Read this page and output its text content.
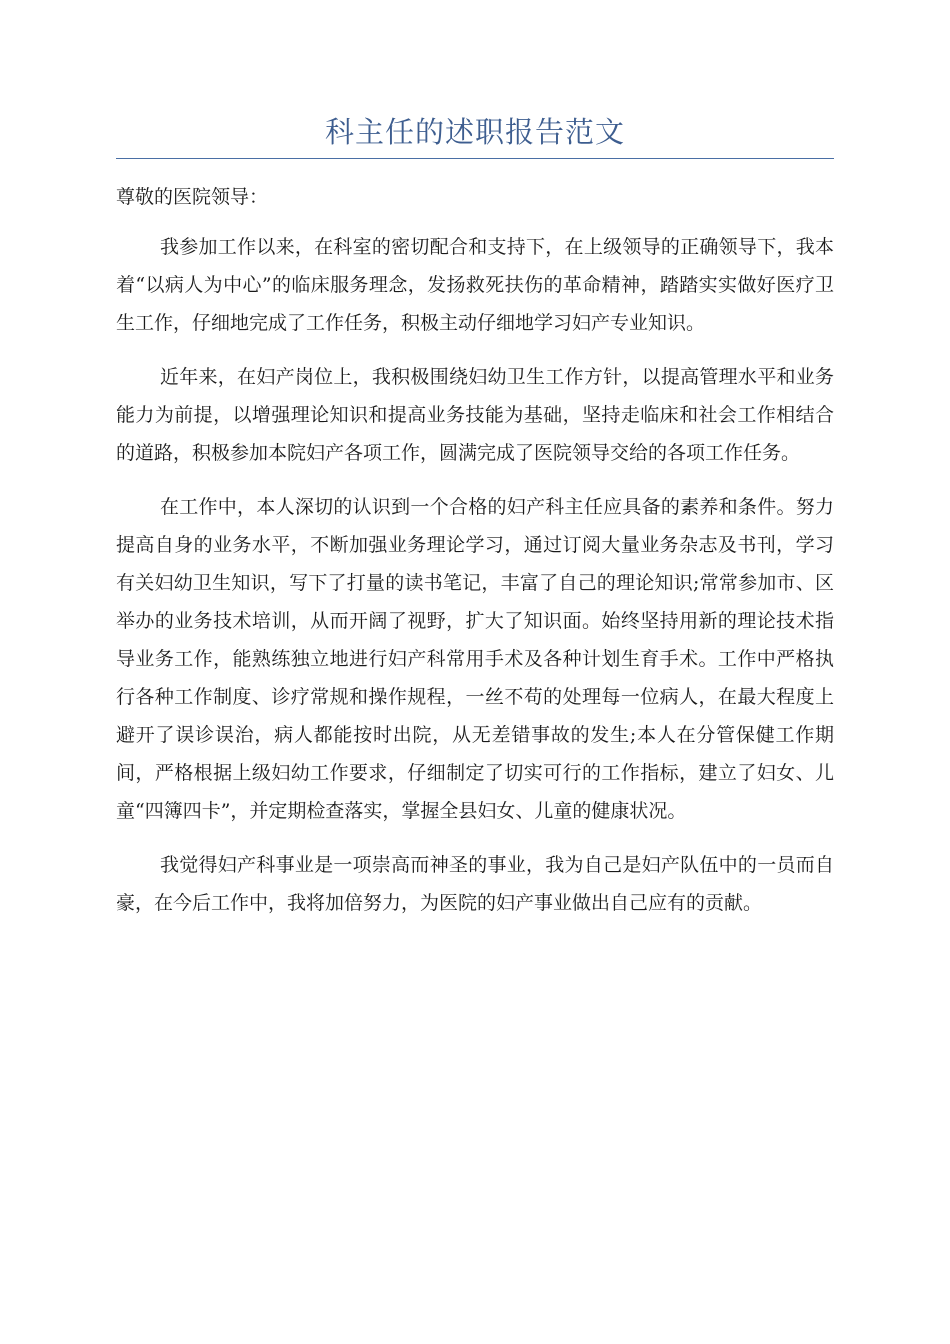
科主任的述职报告范文

尊敬的医院领导：

我参加工作以来，在科室的密切配合和支持下，在上级领导的正确领导下，我本着“以病人为中心”的临床服务理念，发扬救死扶伤的革命精神，踏踏实实做好医疗卫生工作，仔细地完成了工作任务，积极主动仔细地学习妇产专业知识。

近年来，在妇产岗位上，我积极围绕妇幼卫生工作方针，以提高管理水平和业务能力为前提，以增强理论知识和提高业务技能为基础，坚持走临床和社会工作相结合的道路，积极参加本院妇产各项工作，圆满完成了医院领导交给的各项工作任务。

在工作中，本人深切的认识到一个合格的妇产科主任应具备的素养和条件。努力提高自身的业务水平，不断加强业务理论学习，通过订阅大量业务杂志及书刊，学习有关妇幼卫生知识，写下了打量的读书笔记，丰富了自己的理论知识;常常参加市、区举办的业务技术培训，从而开阔了视野，扩大了知识面。始终坚持用新的理论技术指导业务工作，能熟练独立地进行妇产科常用手术及各种计划生育手术。工作中严格执行各种工作制度、诊疗常规和操作规程，一丝不苟的处理每一位病人，在最大程度上避开了误诊误治，病人都能按时出院，从无差错事故的发生;本人在分管保健工作期间，严格根据上级妇幼工作要求，仔细制定了切实可行的工作指标，建立了妇女、儿童“四簿四卡”，并定期检查落实，掌握全县妇女、儿童的健康状况。

我觉得妇产科事业是一项崇高而神圣的事业，我为自己是妇产队伍中的一员而自豪，在今后工作中，我将加倍努力，为医院的妇产事业做出自己应有的贡献。
